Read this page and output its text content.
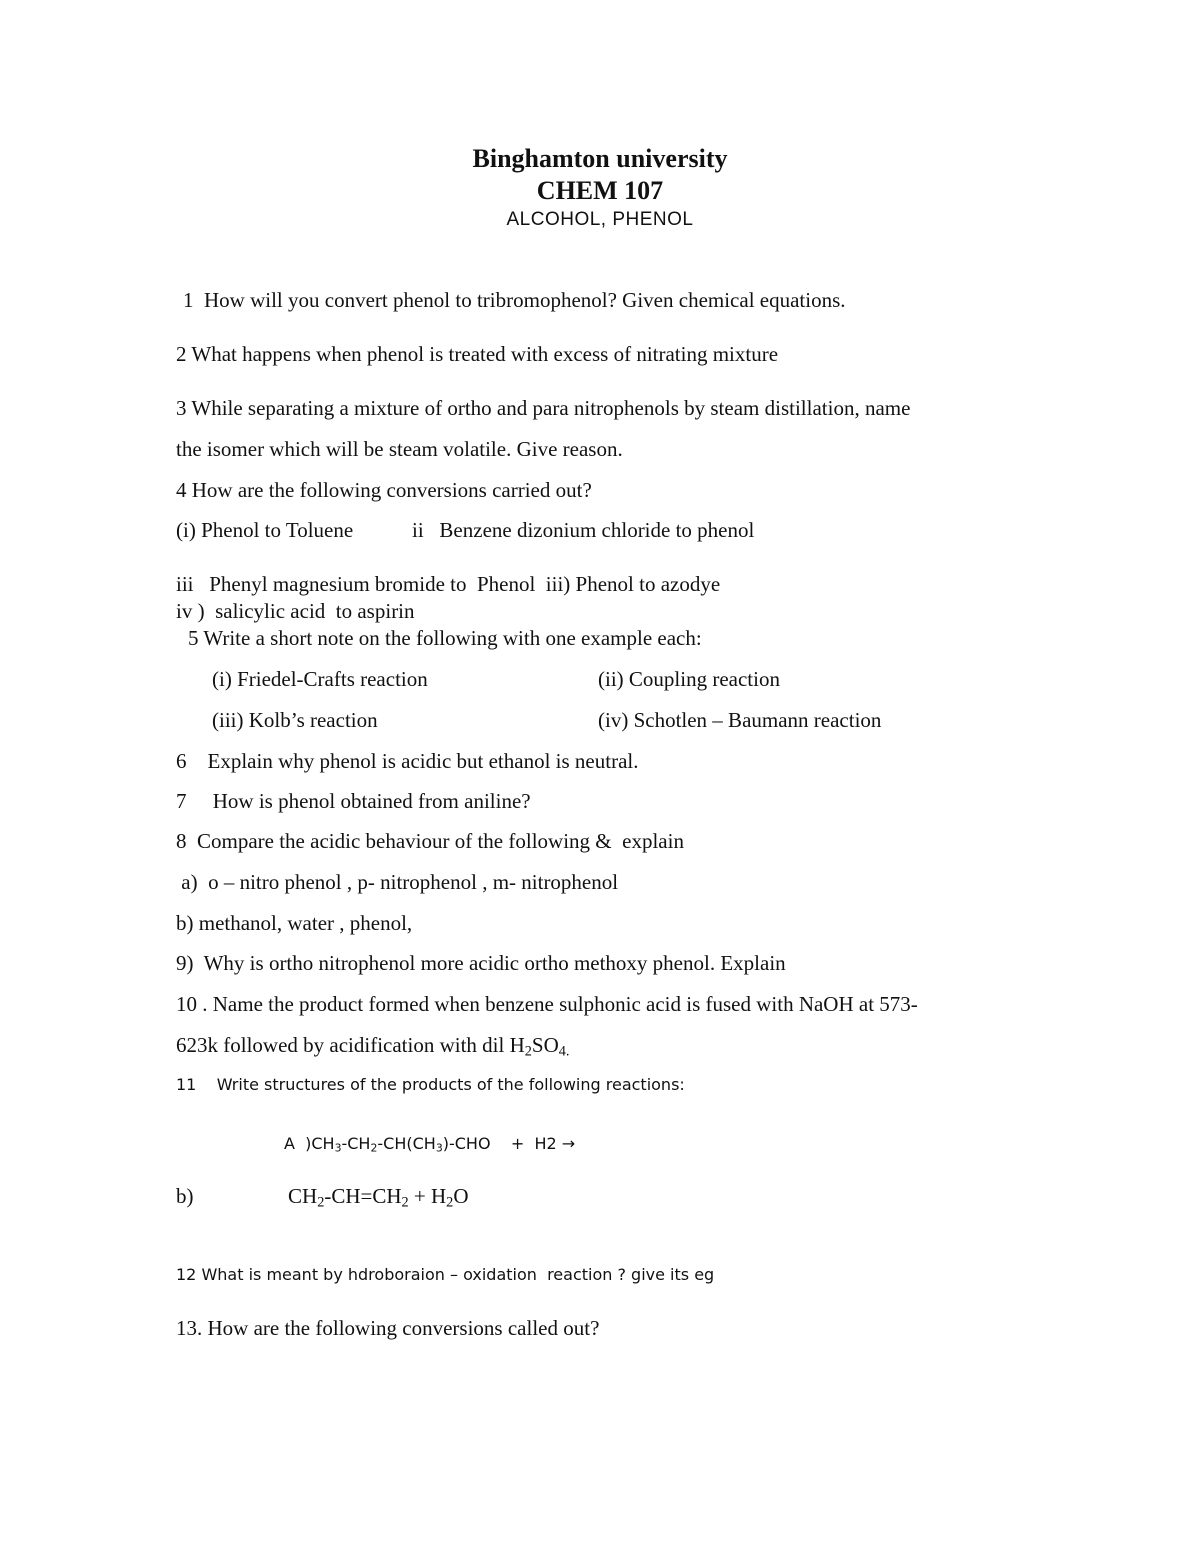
Binghamton university
CHEM 107
ALCOHOL, PHENOL
1  How will you convert phenol to tribromophenol? Given chemical equations.
2 What happens when phenol is treated with excess of nitrating mixture
3 While separating a mixture of ortho and para nitrophenols by steam distillation, name
the isomer which will be steam volatile. Give reason.
4 How are the following conversions carried out?
(i) Phenol to Toluene	ii   Benzene dizonium chloride to phenol
iii   Phenyl magnesium bromide to  Phenol  iii) Phenol to azodye
iv )  salicylic acid  to aspirin
5 Write a short note on the following with one example each:
(i) Friedel-Crafts reaction	(ii) Coupling reaction
(iii) Kolb’s reaction	(iv) Schotlen – Baumann reaction
6    Explain why phenol is acidic but ethanol is neutral.
7     How is phenol obtained from aniline?
8  Compare the acidic behaviour of the following &  explain
a)  o – nitro phenol , p- nitrophenol , m- nitrophenol
b) methanol, water , phenol,
9)  Why is ortho nitrophenol more acidic ortho methoxy phenol. Explain
10 . Name the product formed when benzene sulphonic acid is fused with NaOH at 573-
623k followed by acidification with dil $H_2SO_{4.}$
11    Write structures of the products of the following reactions:
A  )$CH_3-CH_2-CH(CH_3)$-CHO    +  H2 →
b)	$CH_2-CH=CH_2 + H_2O$
12 What is meant by hdroboraion – oxidation  reaction ? give its eg
13. How are the following conversions called out?
